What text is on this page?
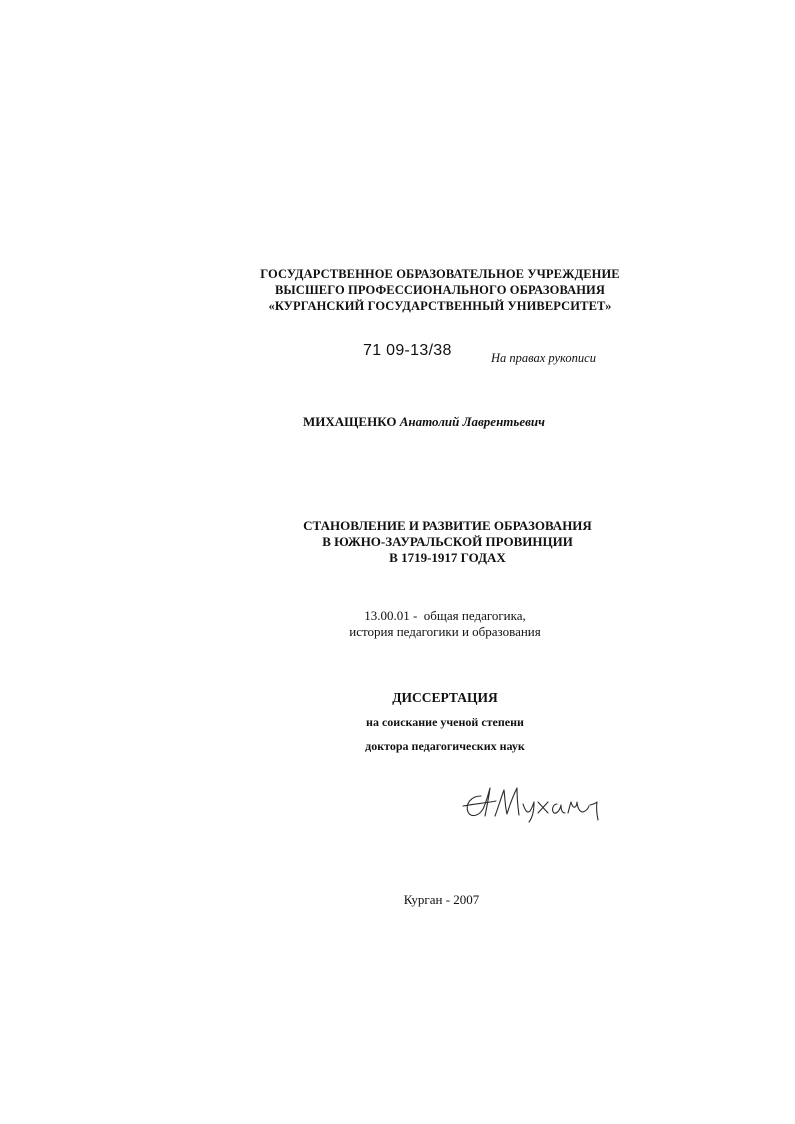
ГОСУДАРСТВЕННОЕ ОБРАЗОВАТЕЛЬНОЕ УЧРЕЖДЕНИЕ
ВЫСШЕГО ПРОФЕССИОНАЛЬНОГО ОБРАЗОВАНИЯ
«КУРГАНСКИЙ ГОСУДАРСТВЕННЫЙ УНИВЕРСИТЕТ»
71 09-13/38	На правах рукописи
МИХАЩЕНКО Анатолий Лаврентьевич
СТАНОВЛЕНИЕ И РАЗВИТИЕ ОБРАЗОВАНИЯ
В ЮЖНО-ЗАУРАЛЬСКОЙ ПРОВИНЦИИ
В 1719-1917 ГОДАХ
13.00.01 -  общая педагогика,
история педагогики и образования
ДИССЕРТАЦИЯ
на соискание ученой степени
доктора педагогических наук
Курган - 2007
